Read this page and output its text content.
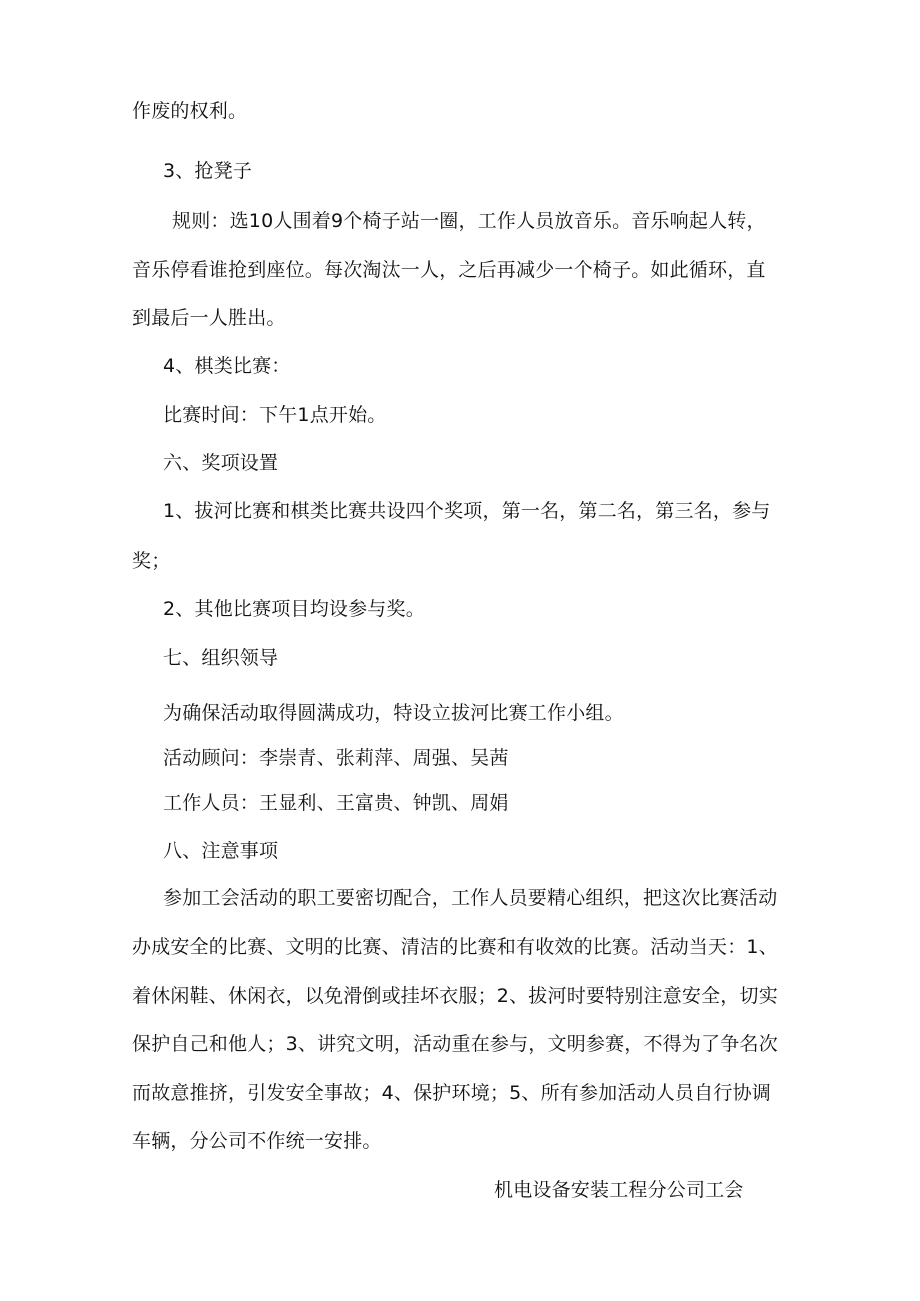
作废的权利。
3、抢凳子
规则：选10人围着9个椅子站一圈，工作人员放音乐。音乐响起人转，
音乐停看谁抢到座位。每次淘汰一人，之后再减少一个椅子。如此循环，直
到最后一人胜出。
4、棋类比赛：
比赛时间：下午1点开始。
六、奖项设置
1、拔河比赛和棋类比赛共设四个奖项，第一名，第二名，第三名，参与
奖；
2、其他比赛项目均设参与奖。
七、组织领导
为确保活动取得圆满成功，特设立拔河比赛工作小组。
活动顾问：李崇青、张莉萍、周强、吴茜
工作人员：王显利、王富贵、钟凯、周娟
八、注意事项
参加工会活动的职工要密切配合，工作人员要精心组织，把这次比赛活动
办成安全的比赛、文明的比赛、清洁的比赛和有收效的比赛。活动当天：1、
着休闲鞋、休闲衣，以免滑倒或挂坏衣服；2、拔河时要特别注意安全，切实
保护自己和他人；3、讲究文明，活动重在参与，文明参赛，不得为了争名次
而故意推挤，引发安全事故；4、保护环境；5、所有参加活动人员自行协调
车辆，分公司不作统一安排。
机电设备安装工程分公司工会
